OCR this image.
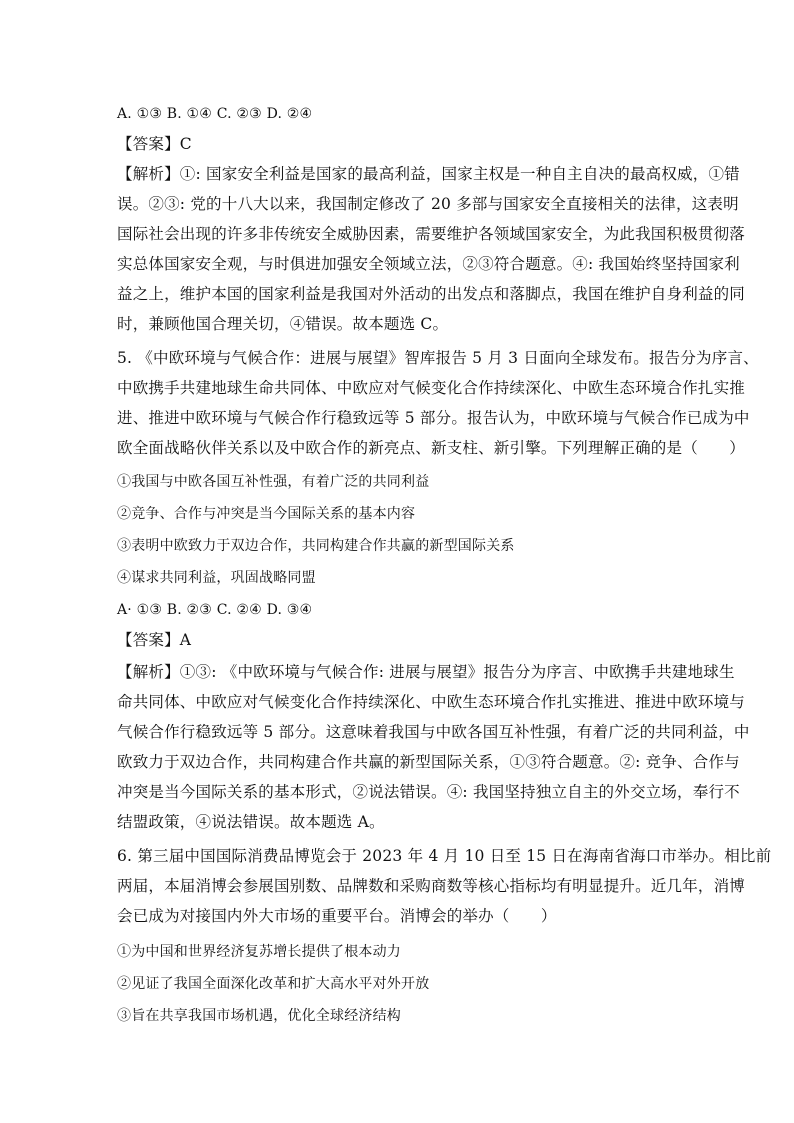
A. ①③ B. ①④ C. ②③ D. ②④
【答案】C
【解析】①: 国家安全利益是国家的最高利益，国家主权是一种自主自决的最高权威，①错
误。②③: 党的十八大以来，我国制定修改了 20 多部与国家安全直接相关的法律，这表明
国际社会出现的许多非传统安全威胁因素，需要维护各领域国家安全，为此我国积极贯彻落
实总体国家安全观，与时俱进加强安全领域立法，②③符合题意。④: 我国始终坚持国家利
益之上，维护本国的国家利益是我国对外活动的出发点和落脚点，我国在维护自身利益的同
时，兼顾他国合理关切，④错误。故本题选 C。
5. 《中欧环境与气候合作：进展与展望》智库报告 5 月 3 日面向全球发布。报告分为序言、
中欧携手共建地球生命共同体、中欧应对气候变化合作持续深化、中欧生态环境合作扎实推
进、推进中欧环境与气候合作行稳致远等 5 部分。报告认为，中欧环境与气候合作已成为中
欧全面战略伙伴关系以及中欧合作的新亮点、新支柱、新引擎。下列理解正确的是（　　）
①我国与中欧各国互补性强，有着广泛的共同利益
②竞争、合作与冲突是当今国际关系的基本内容
③表明中欧致力于双边合作，共同构建合作共赢的新型国际关系
④谋求共同利益，巩固战略同盟
A· ①③ B. ②③ C. ②④ D. ③④
【答案】A
【解析】①③: 《中欧环境与气候合作: 进展与展望》报告分为序言、中欧携手共建地球生
命共同体、中欧应对气候变化合作持续深化、中欧生态环境合作扎实推进、推进中欧环境与
气候合作行稳致远等 5 部分。这意味着我国与中欧各国互补性强，有着广泛的共同利益，中
欧致力于双边合作，共同构建合作共赢的新型国际关系，①③符合题意。②: 竞争、合作与
冲突是当今国际关系的基本形式，②说法错误。④: 我国坚持独立自主的外交立场，奉行不
结盟政策，④说法错误。故本题选 A。
6. 第三届中国国际消费品博览会于 2023 年 4 月 10 日至 15 日在海南省海口市举办。相比前
两届，本届消博会参展国别数、品牌数和采购商数等核心指标均有明显提升。近几年，消博
会已成为对接国内外大市场的重要平台。消博会的举办（　　）
①为中国和世界经济复苏增长提供了根本动力
②见证了我国全面深化改革和扩大高水平对外开放
③旨在共享我国市场机遇，优化全球经济结构
